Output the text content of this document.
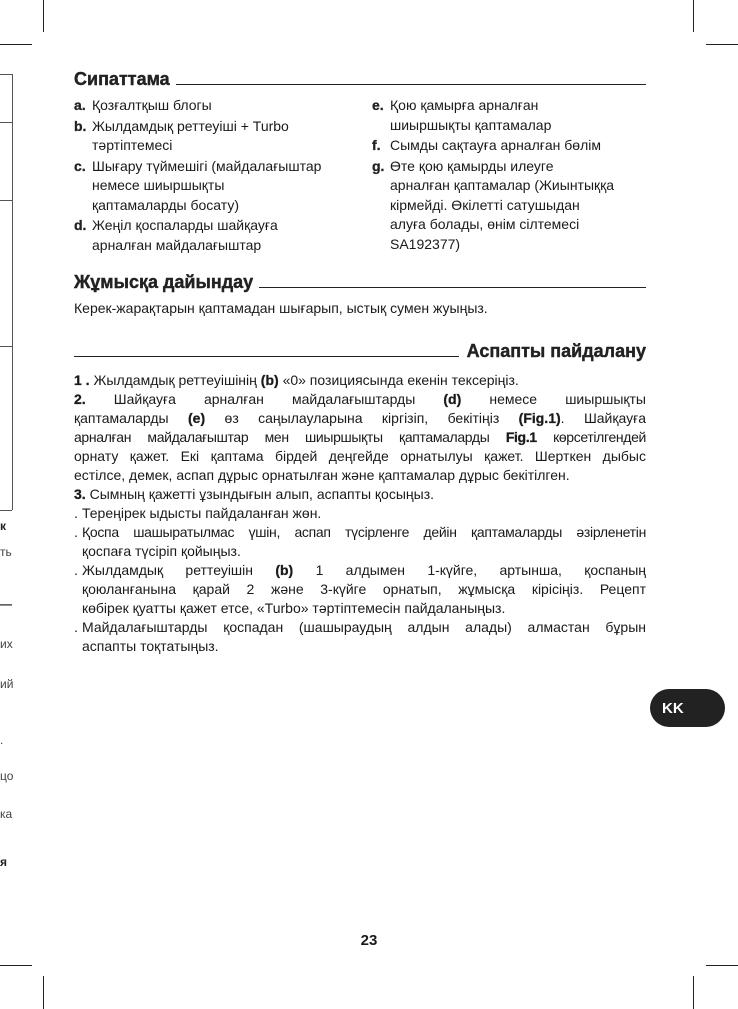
к
ть
—
их
ий
.
цо
ка
я
Сипаттама
a. Қозғалтқыш блогы
b. Жылдамдық реттеуіші + Turbo
тәртіптемесі
c. Шығару түймешігі (майдалағыштар
немесе шиыршықты
қаптамаларды босату)
d. Жеңіл қоспаларды шайқауға
арналған майдалағыштар
e. Қою қамырға арналған
шиыршықты қаптамалар
f. Сымды сақтауға арналған бөлім
g. Өте қою қамырды илеуге
арналған қаптамалар (Жиынтыққа
кірмейді. Өкілетті сатушыдан
алуға болады, өнім сілтемесі
SA192377)
Жұмысқа дайындау
Керек-жарақтарын қаптамадан шығарып, ыстық сумен жуыңыз.
Аспапты пайдалану
1 . Жылдамдық реттеуішінің (b) «0» позициясында екенін тексеріңіз.
2. Шайқауға арналған майдалағыштарды (d) немесе шиыршықты
қаптамаларды (e) өз саңылауларына кіргізіп, бекітіңіз (Fig.1). Шайқауға
арналған майдалағыштар мен шиыршықты қаптамаларды Fig.1 көрсетілгендей
орнату қажет. Екі қаптама бірдей деңгейде орнатылуы қажет. Шерткен дыбыс
естілсе, демек, аспап дұрыс орнатылған және қаптамалар дұрыс бекітілген.
3. Сымның қажетті ұзындығын алып, аспапты қосыңыз.
. Тереңірек ыдысты пайдаланған жөн.
. Қоспа шашыратылмас үшін, аспап түсірленге дейін қаптамаларды әзірленетін
қоспаға түсіріп қойыңыз.
. Жылдамдық реттеуішін (b) 1 алдымен 1-күйге, артынша, қоспаның
қоюланғанына қарай 2 және 3-күйге орнатып, жұмысқа кірісіңіз. Рецепт
көбірек қуатты қажет етсе, «Turbo» тәртіптемесін пайдаланыңыз.
. Майдалағыштарды қоспадан (шашыраудың алдын алады) алмастан бұрын
аспапты тоқтатыңыз.
KK
23
